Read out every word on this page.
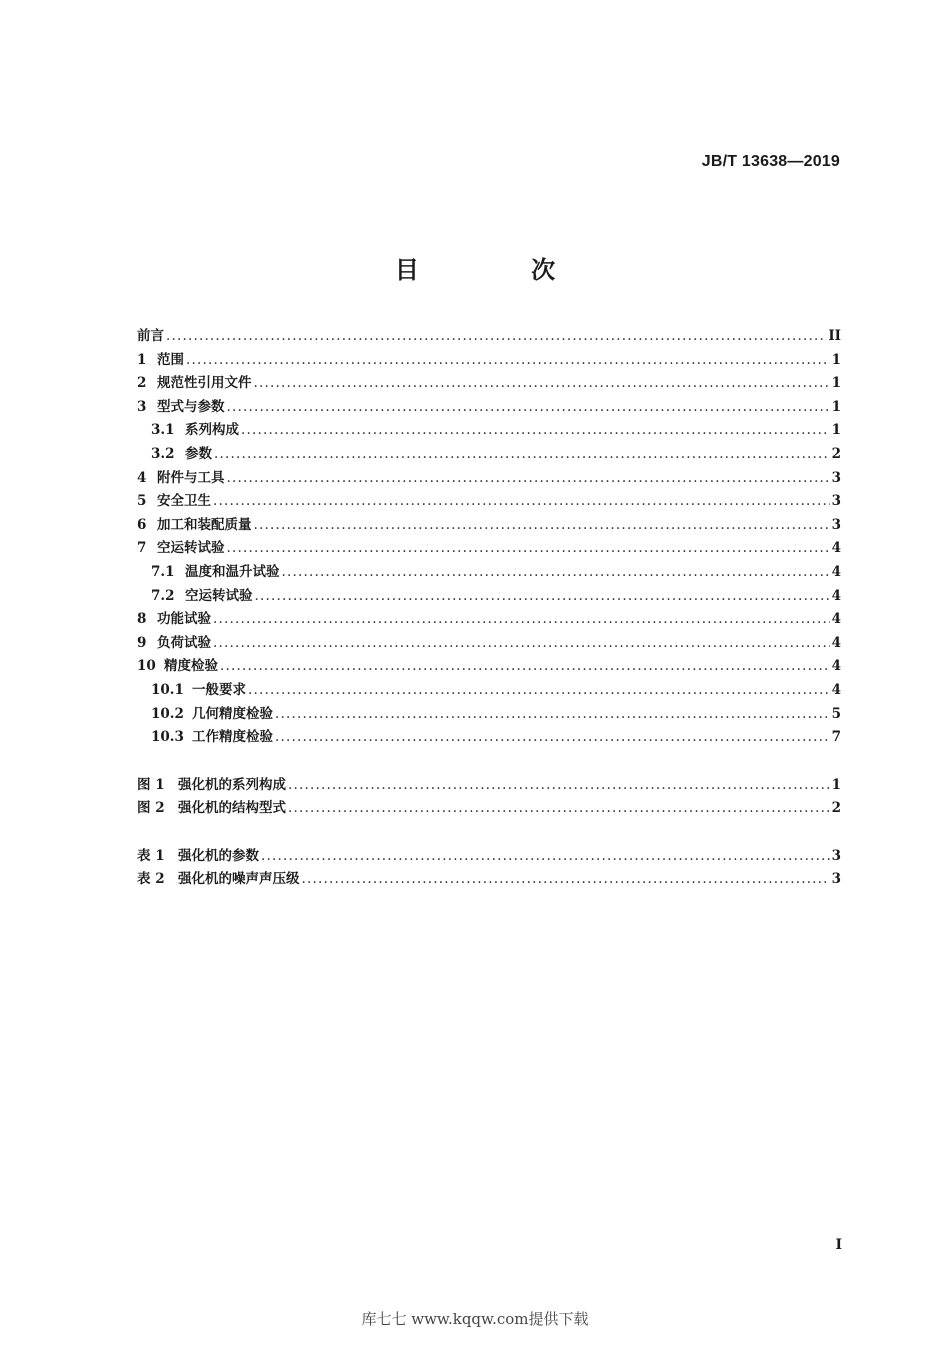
JB/T 13638—2019
目 次
前言 .....	II
1 范围 .....	1
2 规范性引用文件 .....	1
3 型式与参数 .....	1
3.1 系列构成 .....	1
3.2 参数 .....	2
4 附件与工具 .....	3
5 安全卫生 .....	3
6 加工和装配质量 .....	3
7 空运转试验 .....	4
7.1 温度和温升试验 .....	4
7.2 空运转试验 .....	4
8 功能试验 .....	4
9 负荷试验 .....	4
10 精度检验 .....	4
10.1 一般要求 .....	4
10.2 几何精度检验 .....	5
10.3 工作精度检验 .....	7
图 1 强化机的系列构成 .....	1
图 2 强化机的结构型式 .....	2
表 1 强化机的参数 .....	3
表 2 强化机的噪声声压级 .....	3
I
库七七 www.kqqw.com提供下载
